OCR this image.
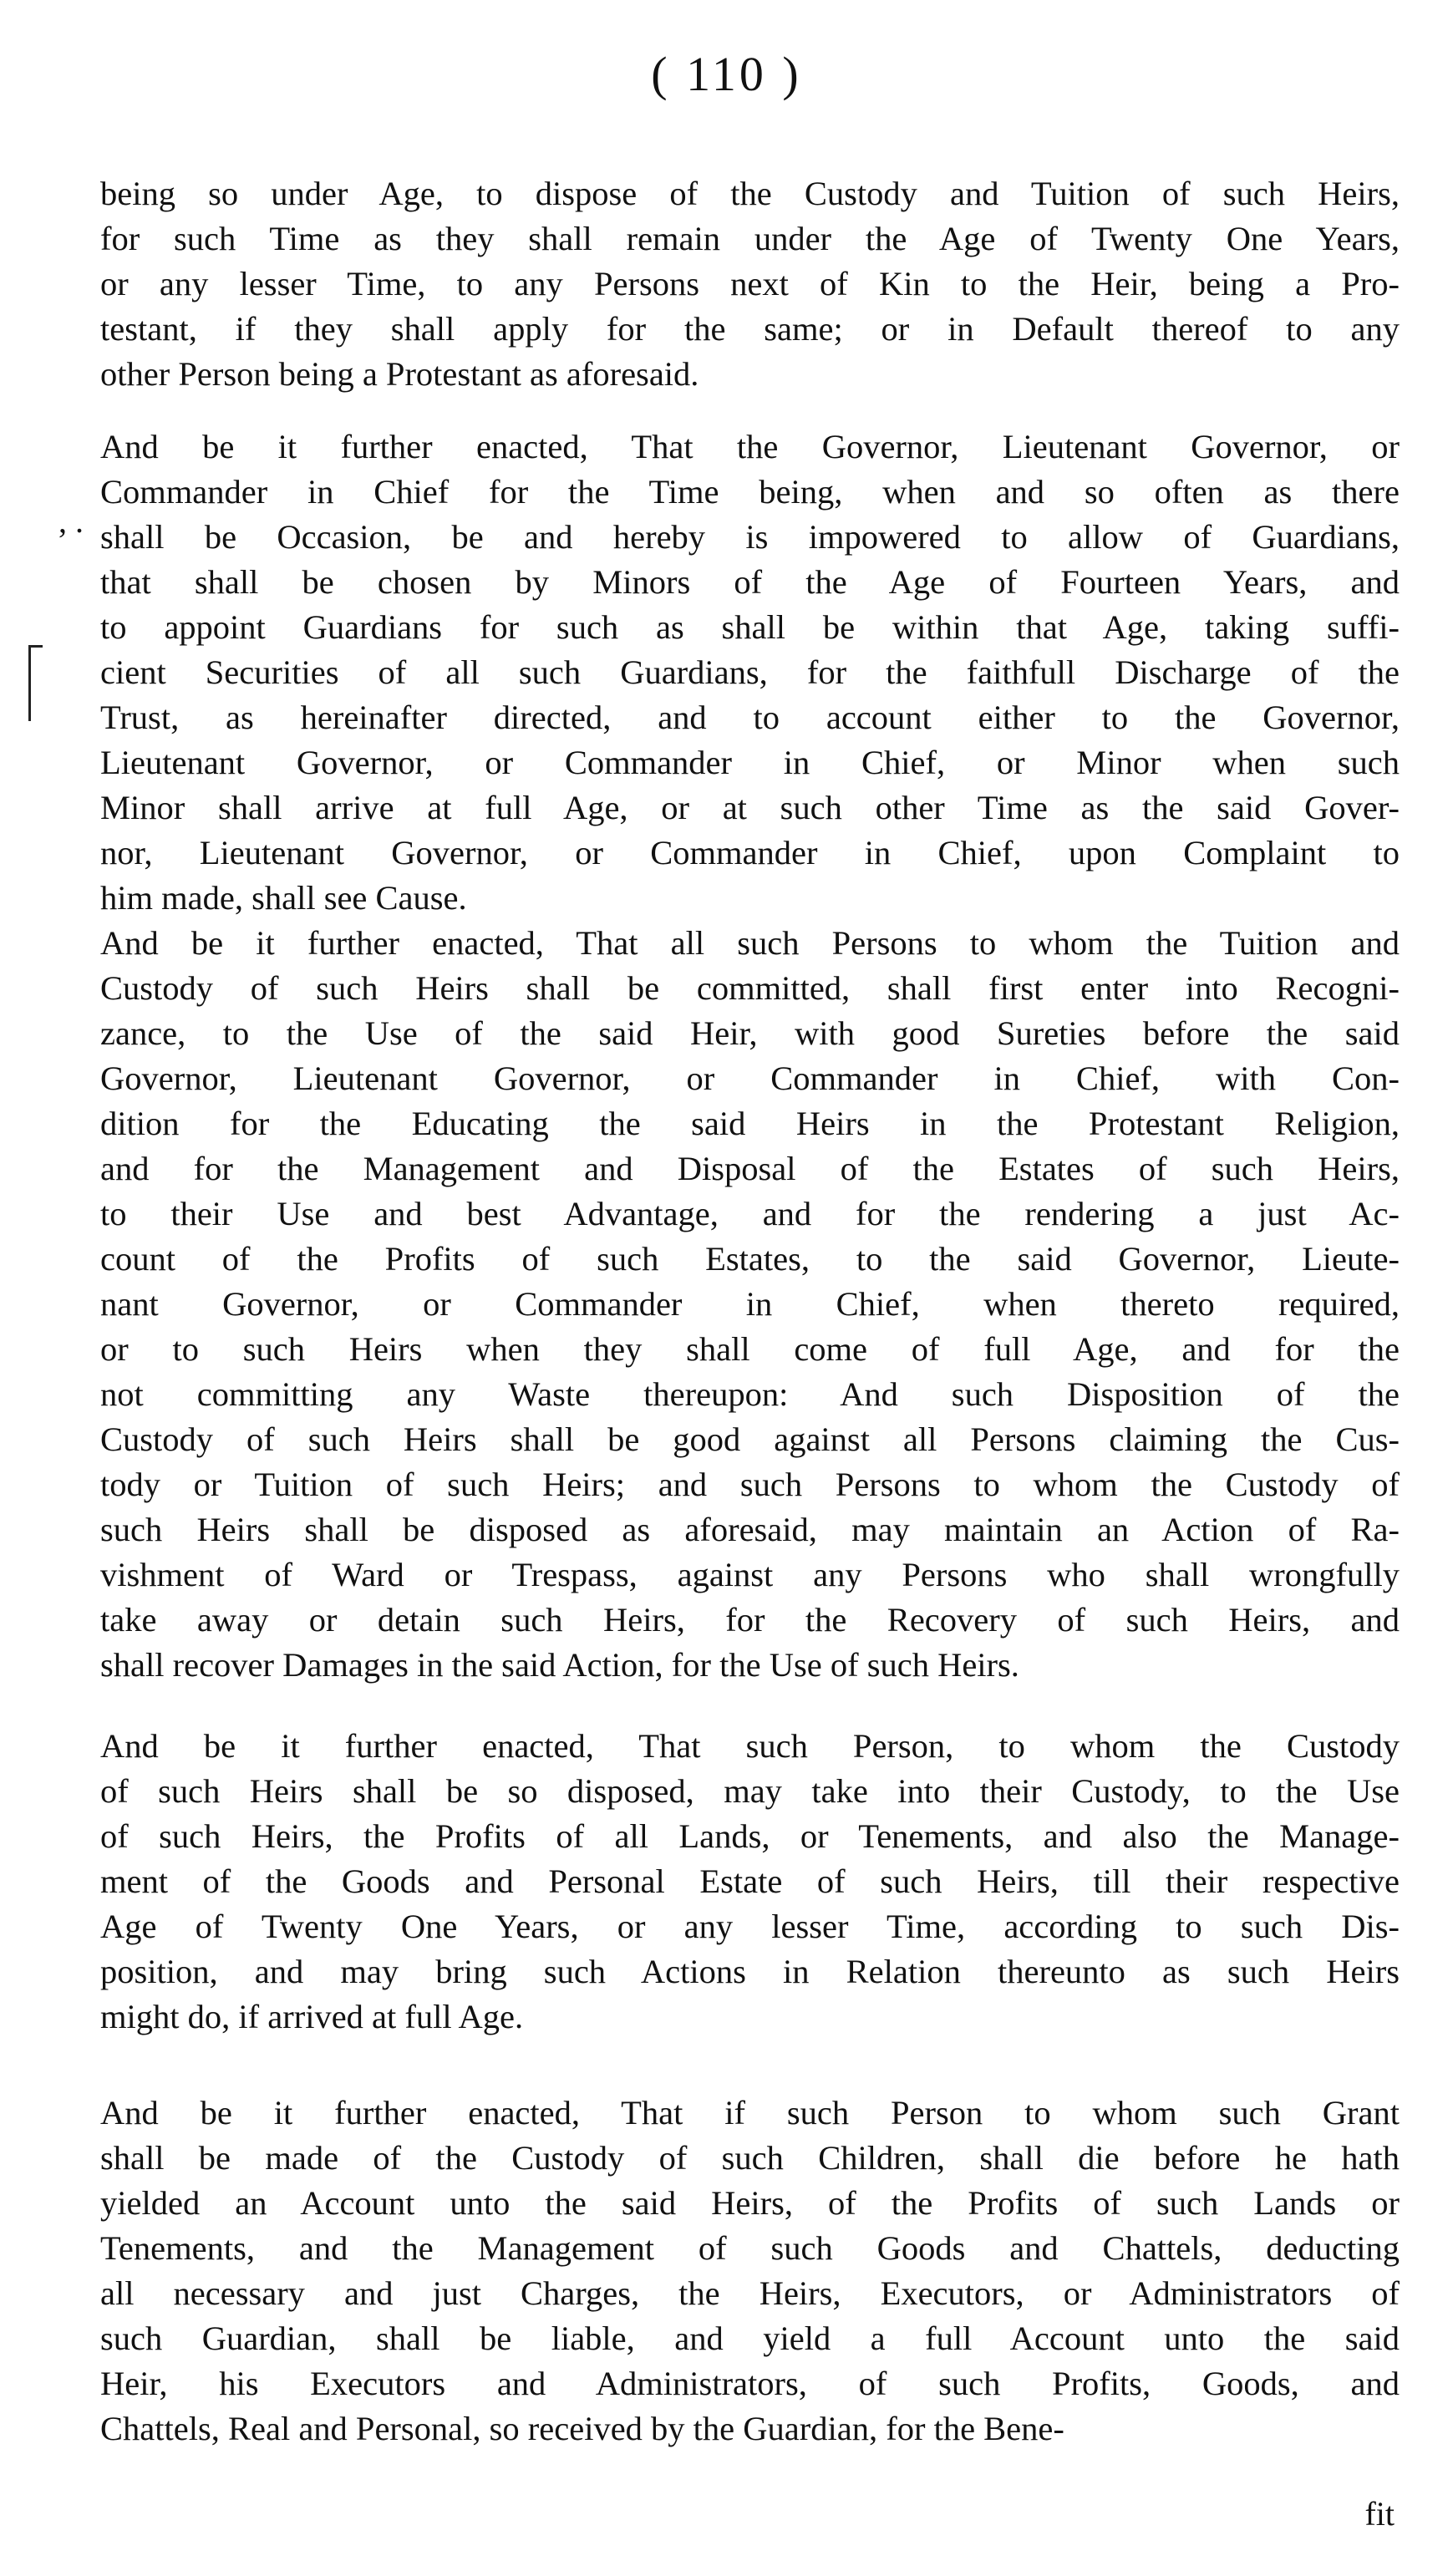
( 110 )
, .
being so under Age, to dispose of the Custody and Tuition of such Heirs,
for such Time as they shall remain under the Age of Twenty One Years,
or any lesser Time, to any Persons next of Kin to the Heir, being a Pro-
testant, if they shall apply for the same; or in Default thereof to any
other Person being a Protestant as aforesaid.
And be it further enacted, That the Governor, Lieutenant Governor, or
Commander in Chief for the Time being, when and so often as there
shall be Occasion, be and hereby is impowered to allow of Guardians,
that shall be chosen by Minors of the Age of Fourteen Years, and
to appoint Guardians for such as shall be within that Age, taking suffi-
cient Securities of all such Guardians, for the faithfull Discharge of the
Trust, as hereinafter directed, and to account either to the Governor,
Lieutenant Governor, or Commander in Chief, or Minor when such
Minor shall arrive at full Age, or at such other Time as the said Gover-
nor, Lieutenant Governor, or Commander in Chief, upon Complaint to
him made, shall see Cause.
And be it further enacted, That all such Persons to whom the Tuition and
Custody of such Heirs shall be committed, shall first enter into Recogni-
zance, to the Use of the said Heir, with good Sureties before the said
Governor, Lieutenant Governor, or Commander in Chief, with Con-
dition for the Educating the said Heirs in the Protestant Religion,
and for the Management and Disposal of the Estates of such Heirs,
to their Use and best Advantage, and for the rendering a just Ac-
count of the Profits of such Estates, to the said Governor, Lieute-
nant Governor, or Commander in Chief, when thereto required,
or to such Heirs when they shall come of full Age, and for the
not committing any Waste thereupon: And such Disposition of the
Custody of such Heirs shall be good against all Persons claiming the Cus-
tody or Tuition of such Heirs; and such Persons to whom the Custody of
such Heirs shall be disposed as aforesaid, may maintain an Action of Ra-
vishment of Ward or Trespass, against any Persons who shall wrongfully
take away or detain such Heirs, for the Recovery of such Heirs, and
shall recover Damages in the said Action, for the Use of such Heirs.
And be it further enacted, That such Person, to whom the Custody
of such Heirs shall be so disposed, may take into their Custody, to the Use
of such Heirs, the Profits of all Lands, or Tenements, and also the Manage-
ment of the Goods and Personal Estate of such Heirs, till their respective
Age of Twenty One Years, or any lesser Time, according to such Dis-
position, and may bring such Actions in Relation thereunto as such Heirs
might do, if arrived at full Age.
And be it further enacted, That if such Person to whom such Grant
shall be made of the Custody of such Children, shall die before he hath
yielded an Account unto the said Heirs, of the Profits of such Lands or
Tenements, and the Management of such Goods and Chattels, deducting
all necessary and just Charges, the Heirs, Executors, or Administrators of
such Guardian, shall be liable, and yield a full Account unto the said
Heir, his Executors and Administrators, of such Profits, Goods, and
Chattels, Real and Personal, so received by the Guardian, for the Bene-
fit
